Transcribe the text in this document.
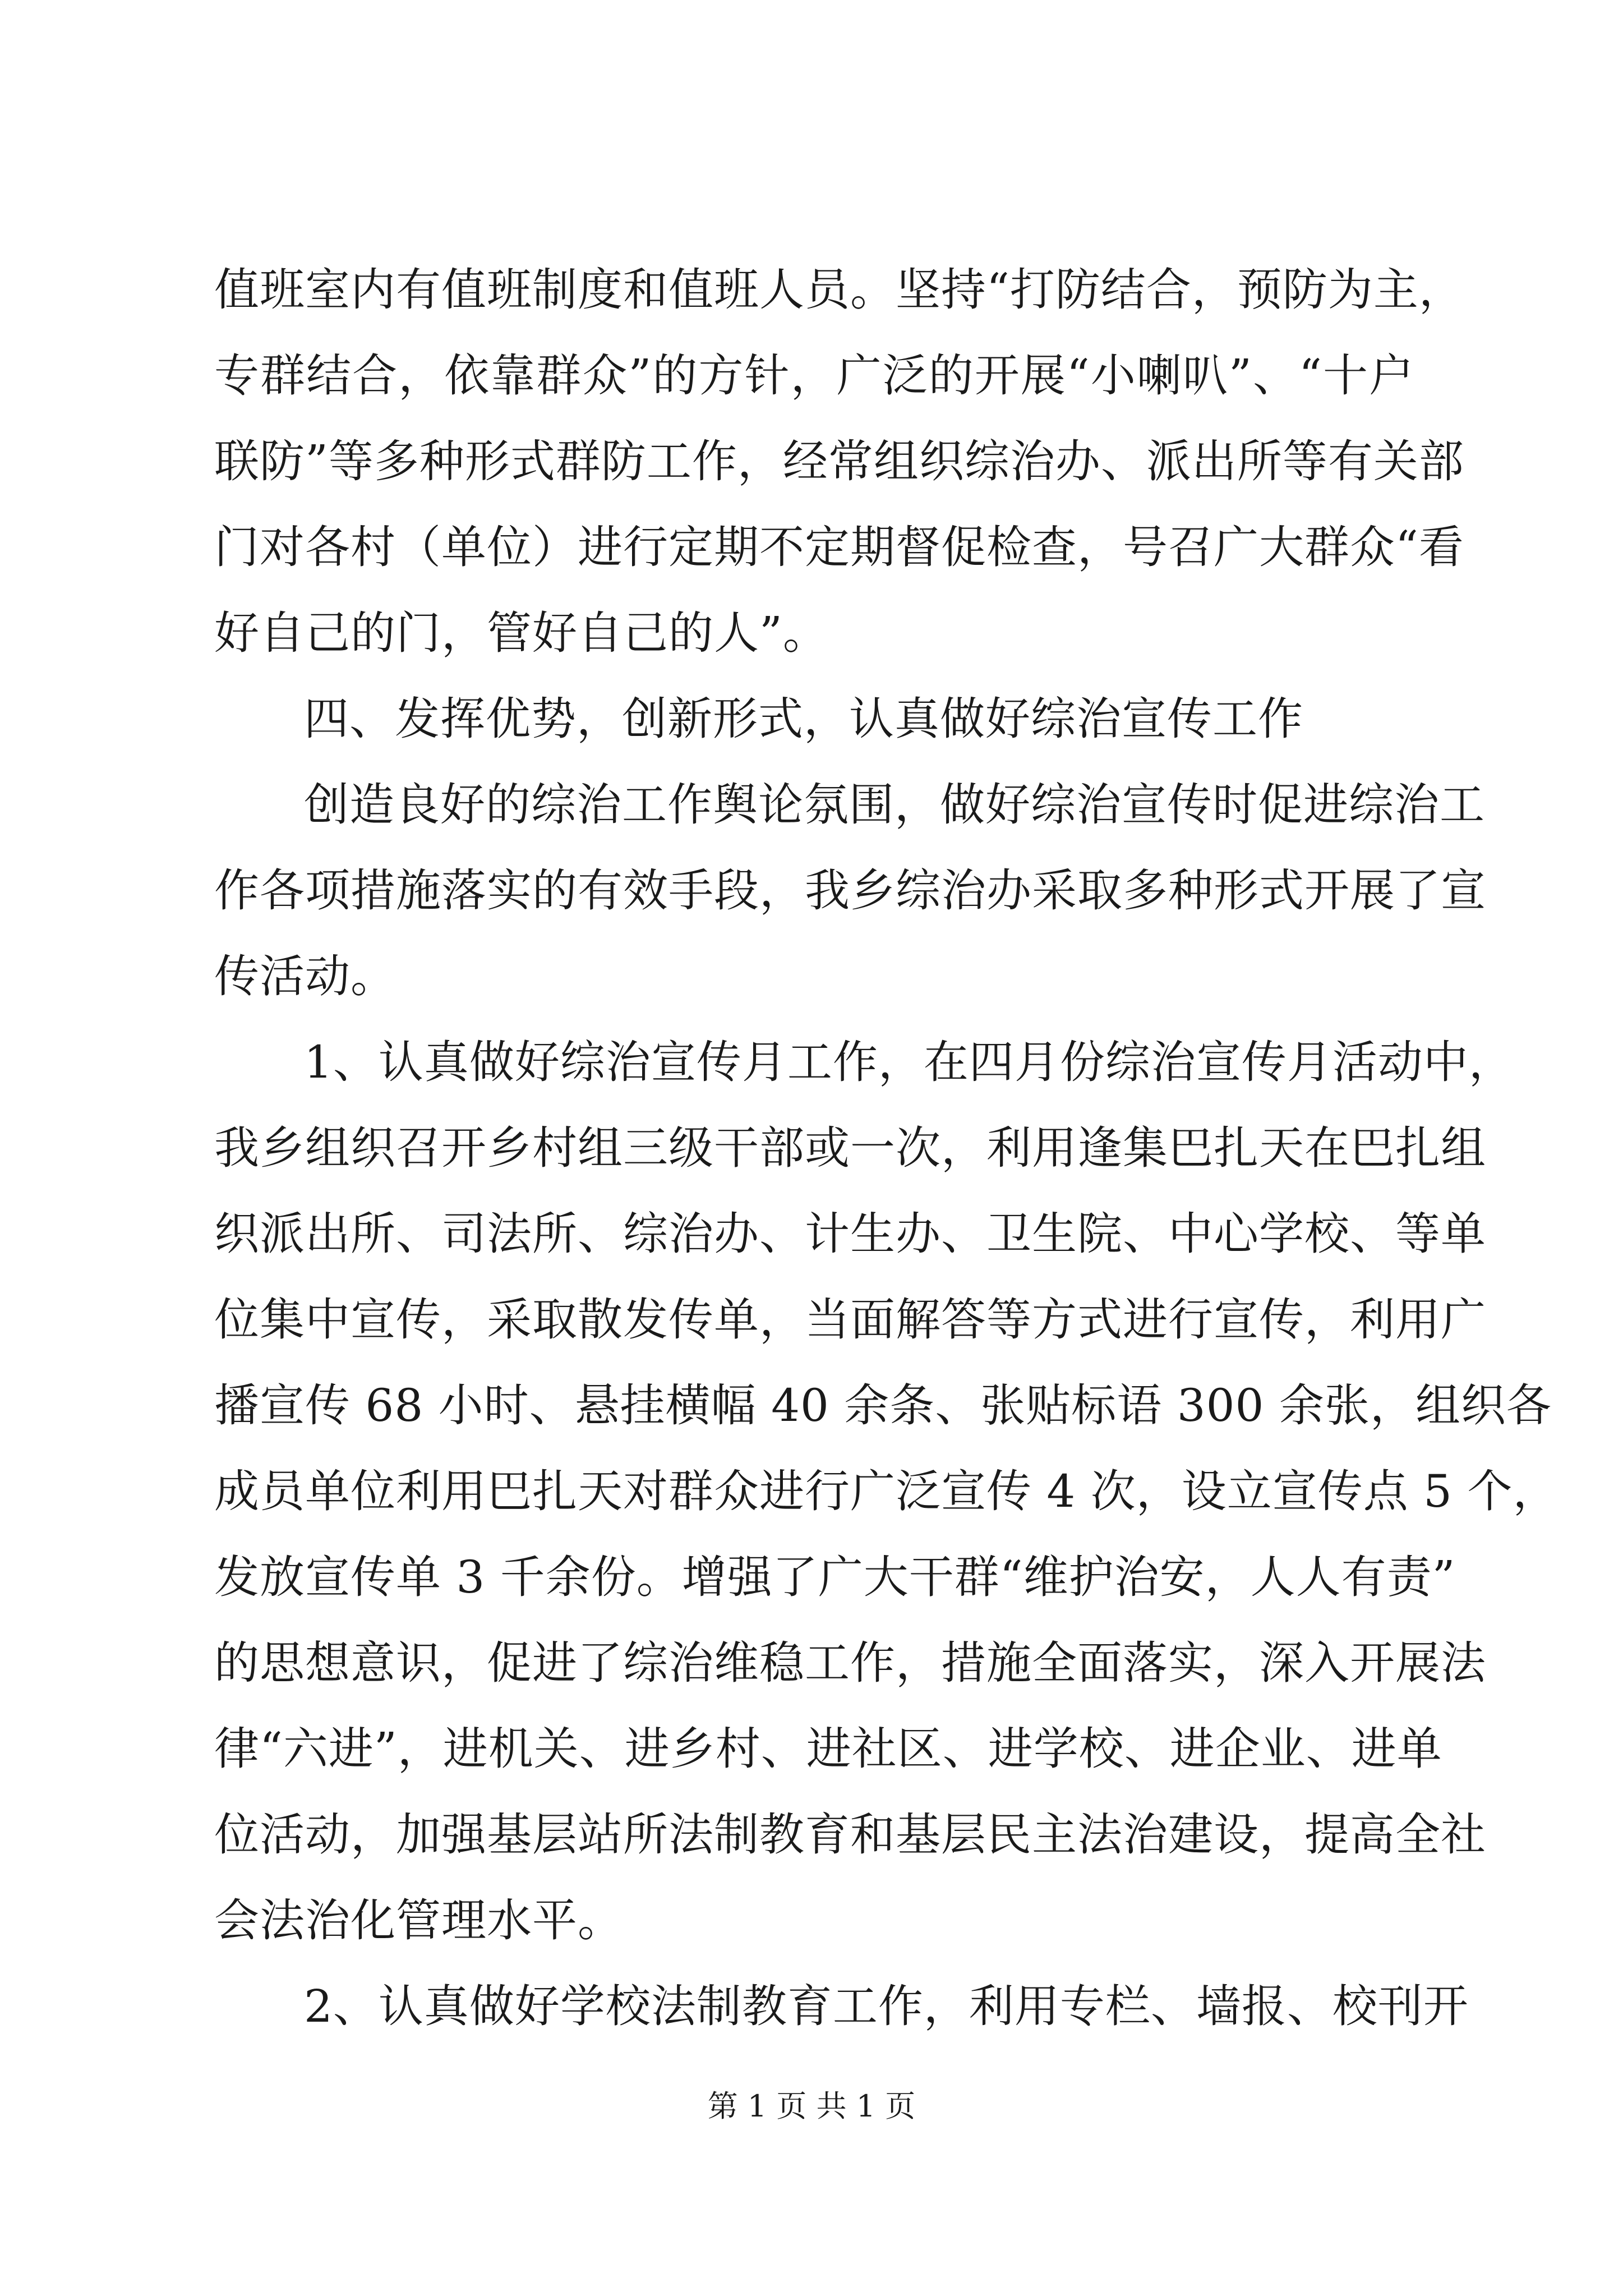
值班室内有值班制度和值班人员。坚持“打防结合，预防为主，
专群结合，依靠群众”的方针，广泛的开展“小喇叭”、“十户
联防”等多种形式群防工作，经常组织综治办、派出所等有关部
门对各村（单位）进行定期不定期督促检查，号召广大群众“看
好自己的门，管好自己的人”。
四、发挥优势，创新形式，认真做好综治宣传工作
创造良好的综治工作舆论氛围，做好综治宣传时促进综治工
作各项措施落实的有效手段，我乡综治办采取多种形式开展了宣
传活动。
1、认真做好综治宣传月工作，在四月份综治宣传月活动中，
我乡组织召开乡村组三级干部或一次，利用逢集巴扎天在巴扎组
织派出所、司法所、综治办、计生办、卫生院、中心学校、等单
位集中宣传，采取散发传单，当面解答等方式进行宣传，利用广
播宣传 68 小时、悬挂横幅 40 余条、张贴标语 300 余张，组织各
成员单位利用巴扎天对群众进行广泛宣传 4 次，设立宣传点 5 个，
发放宣传单 3 千余份。增强了广大干群“维护治安，人人有责”
的思想意识，促进了综治维稳工作，措施全面落实，深入开展法
律“六进”，进机关、进乡村、进社区、进学校、进企业、进单
位活动，加强基层站所法制教育和基层民主法治建设，提高全社
会法治化管理水平。
2、认真做好学校法制教育工作，利用专栏、墙报、校刊开
第 1 页 共 1 页
